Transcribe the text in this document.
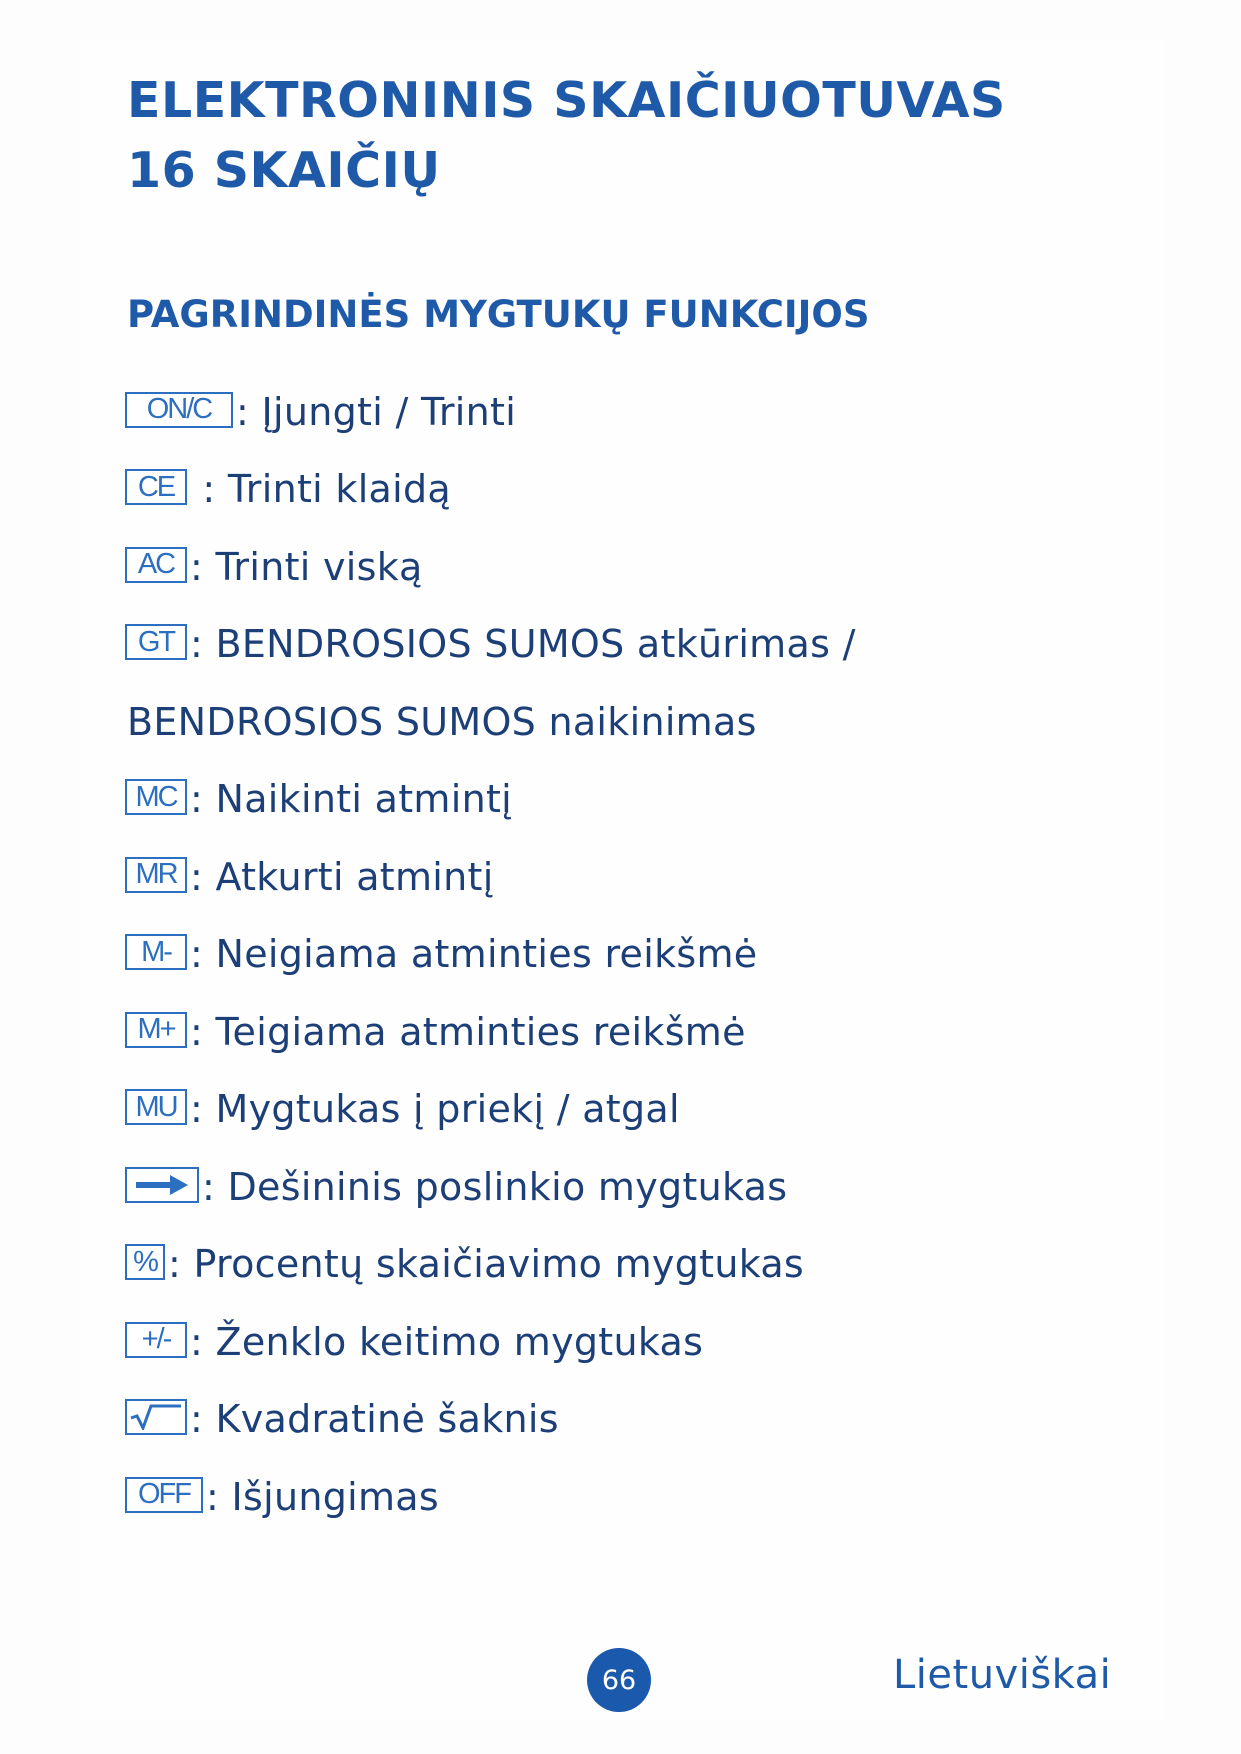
ELEKTRONINIS SKAIČIUOTUVAS
16 SKAIČIŲ
PAGRINDINĖS MYGTUKŲ FUNKCIJOS
ON/C : Įjungti / Trinti
CE : Trinti klaidą
AC : Trinti viską
GT : BENDROSIOS SUMOS atkūrimas /
BENDROSIOS SUMOS naikinimas
MC : Naikinti atmintį
MR : Atkurti atmintį
M- : Neigiama atminties reikšmė
M+ : Teigiama atminties reikšmė
MU : Mygtukas į priekį / atgal
: Dešininis poslinkio mygtukas
% : Procentų skaičiavimo mygtukas
+/- : Ženklo keitimo mygtukas
: Kvadratinė šaknis
OFF : Išjungimas
66	Lietuviškai
